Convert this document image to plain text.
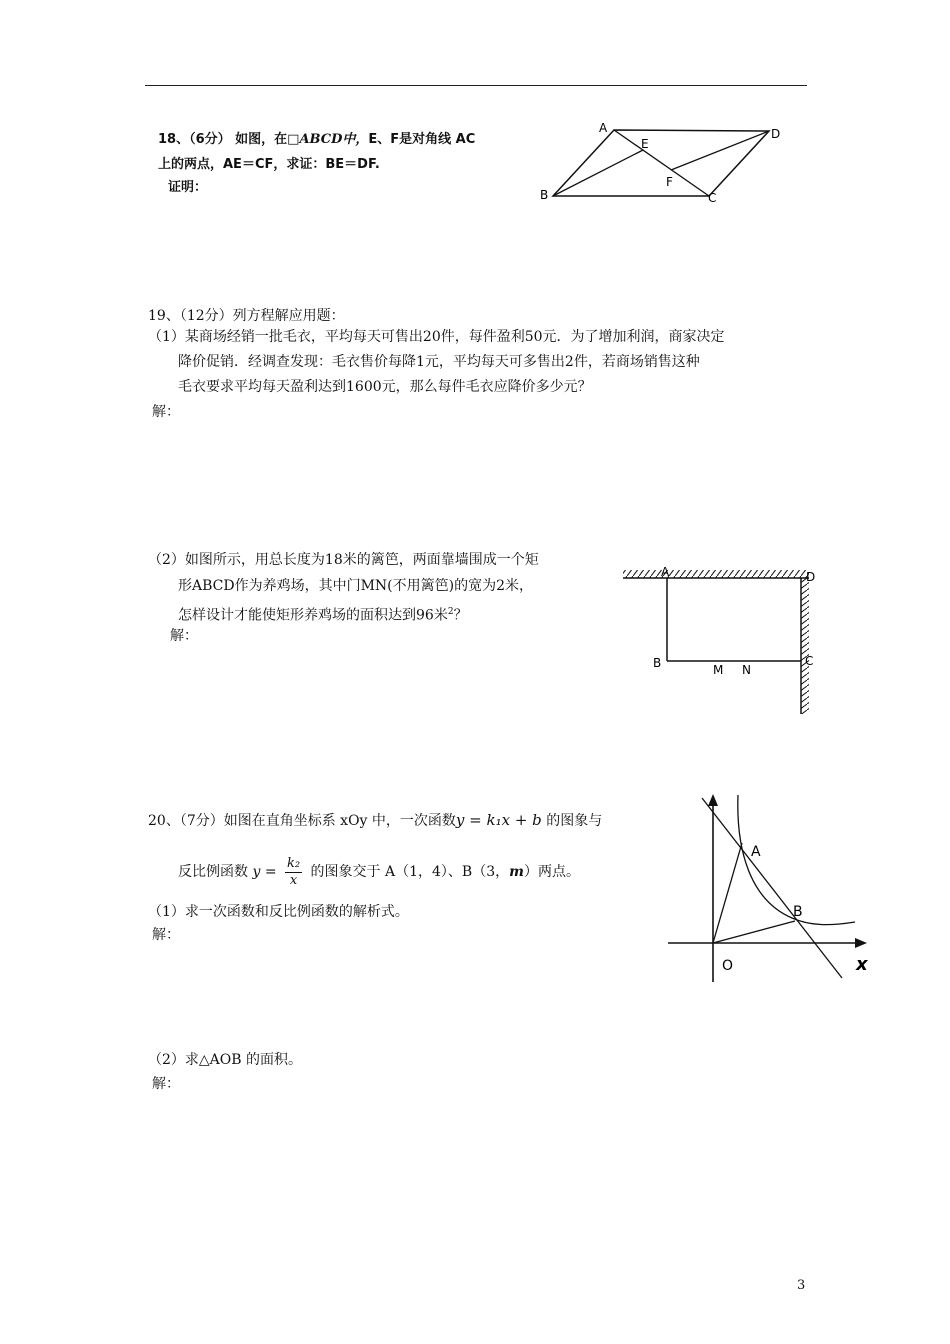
18、（6分） 如图，在□ABCD中，E、F是对角线 AC
上的两点，AE＝CF，求证：BE＝DF.
证明：
A	D
B	C
E
F
19、（12分）列方程解应用题：
（1）某商场经销一批毛衣，平均每天可售出20件，每件盈利50元．为了增加利润，商家决定
降价促销．经调查发现：毛衣售价每降1元，平均每天可多售出2件，若商场销售这种
毛衣要求平均每天盈利达到1600元，那么每件毛衣应降价多少元？
解：
（2）如图所示，用总长度为18米的篱笆，两面靠墙围成一个矩
形ABCD作为养鸡场，其中门MN(不用篱笆)的宽为2米，
怎样设计才能使矩形养鸡场的面积达到96米$^2$？
解：
A	D
B	C
M N
20、（7分）如图在直角坐标系 xOy 中，一次函数y = k₁x + b 的图象与
反比例函数 $y = \frac{\text{k₂}}{x}$ 的图象交于 A（1，4）、B（3，m）两点。
（1）求一次函数和反比例函数的解析式。
解：
（2）求△AOB 的面积。
解：
A
B
O	x
3
